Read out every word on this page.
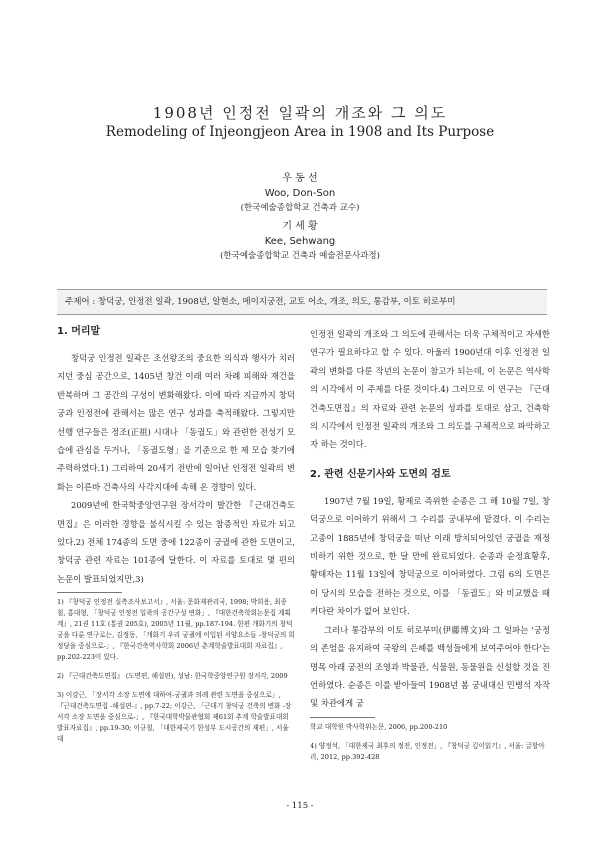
1908년 인정전 일곽의 개조와 그 의도
Remodeling of Injeongjeon Area in 1908 and Its Purpose
우 동 선
Woo, Don-Son
(한국예술종합학교 건축과 교수)
기 세 황
Kee, Sehwang
(한국예술종합학교 건축과 예술전문사과정)
주제어 : 창덕궁, 인정전 일곽, 1908년, 알현소, 메이지궁전, 교토 어소, 개조, 의도, 통감부, 이토 히로부미
1. 머리말

창덕궁 인정전 일곽은 조선왕조의 중요한 의식과 행사가 치러지던 중심 공간으로, 1405년 창건 이래 여러 차례 피해와 재건을 반복하며 그 공간의 구성이 변화해왔다. 이에 따라 지금까지 창덕궁과 인정전에 관해서는 많은 연구 성과를 축적해왔다. 그렇지만 선행 연구들은 정조(正祖) 시대나 「동궐도」와 관련한 전성기 모습에 관심을 두거나, 「동궐도형」을 기준으로 한 제 모습 찾기에 주력하였다.1) 그리하여 20세기 전반에 일어난 인정전 일곽의 변화는 이른바 건축사의 사각지대에 속해 온 경향이 있다.

2009년에 한국학중앙연구원 장서각이 발간한 『근대건축도면집』은 이러한 경향을 불식시킬 수 있는 참증적인 자료가 되고 있다.2) 전체 174종의 도면 중에 122종이 궁궐에 관한 도면이고, 창덕궁 관련 자료는 101종에 달한다. 이 자료를 토대로 몇 편의 논문이 발표되었지만,3)

1) 『창덕궁 인정전 실측조사보고서』, 서울: 문화재관리국, 1998; 박희용, 최종철, 홍대형, 「창덕궁 인정전 일곽의 공간구성 변화」, 『대한건축학회논문집 계획계』, 21권 11호 (통권 205호), 2005년 11월, pp.187-194. 한편 개화기의 창덕궁을 다룬 연구로는, 김정동, 「개화기 우리 궁궐에 이입된 서양요소들 -창덕궁의 희정당을 중심으로-」, 『한국건축역사학회 2006년 춘계학술발표대회 자료집』, pp.202-223이 있다.

2) 『근대건축도면집』 (도면편, 해설편), 성남: 한국학중앙연구원 장서각, 2009

3) 이강근, 「장서각 소장 도면에 대하여-궁궐과 의례 관련 도면을 중심으로」, 『근대건축도면집 -해설편-』, pp.7-22; 이강근, 「근대기 창덕궁 건축의 변화 -장서각 소장 도면을 중심으로-」, 『한국대학박물관협회 제61회 추계 학술발표대회 발표자료집』, pp.19-30; 이규철, 「대한제국기 한성부 도시공간의 재편」, 서울대

인정전 일곽의 개조와 그 의도에 관해서는 더욱 구체적이고 자세한 연구가 필요하다고 할 수 있다. 아울러 1900년대 이후 인정전 일곽의 변화를 다룬 작년의 논문이 참고가 되는데, 이 논문은 역사학의 시각에서 이 주제를 다룬 것이다.4) 그러므로 이 연구는 『근대건축도면집』의 자료와 관련 논문의 성과를 토대로 삼고, 건축학의 시각에서 인정전 일곽의 개조와 그 의도를 구체적으로 파악하고자 하는 것이다.

2. 관련 신문기사와 도면의 검토

1907년 7월 19일, 황제로 즉위한 순종은 그 해 10월 7일, 창덕궁으로 이어하기 위해서 그 수리를 궁내부에 맡겼다. 이 수리는 고종이 1885년에 창덕궁을 떠난 이래 방치되어있던 궁궐을 재정비하기 위한 것으로, 한 달 만에 완료되었다. 순종과 순정효황후, 황태자는 11월 13일에 창덕궁으로 이어하였다. 그림 6의 도면은 이 당시의 모습을 전하는 것으로, 이를 「동궐도」와 비교했을 때 커다란 차이가 없어 보인다.

그러나 통감부의 이토 히로부미(伊藤博文)와 그 일파는 '궁정의 존엄을 유지하여 국왕의 은혜를 백성들에게 보여주어야 한다'는 명목 아래 궁전의 조영과 박물관, 식물원, 동물원을 신설할 것을 진언하였다. 순종은 이를 받아들여 1908년 봄 궁내대신 민병석 자작 및 차관에게 궁

학교 대학원 박사학위논문, 2006, pp.200-210

4) 양정석, 「대한제국 최후의 정전, 인정전」, 『창덕궁 깊이읽기』, 서울: 글항아리, 2012, pp.392-428

- 115 -
